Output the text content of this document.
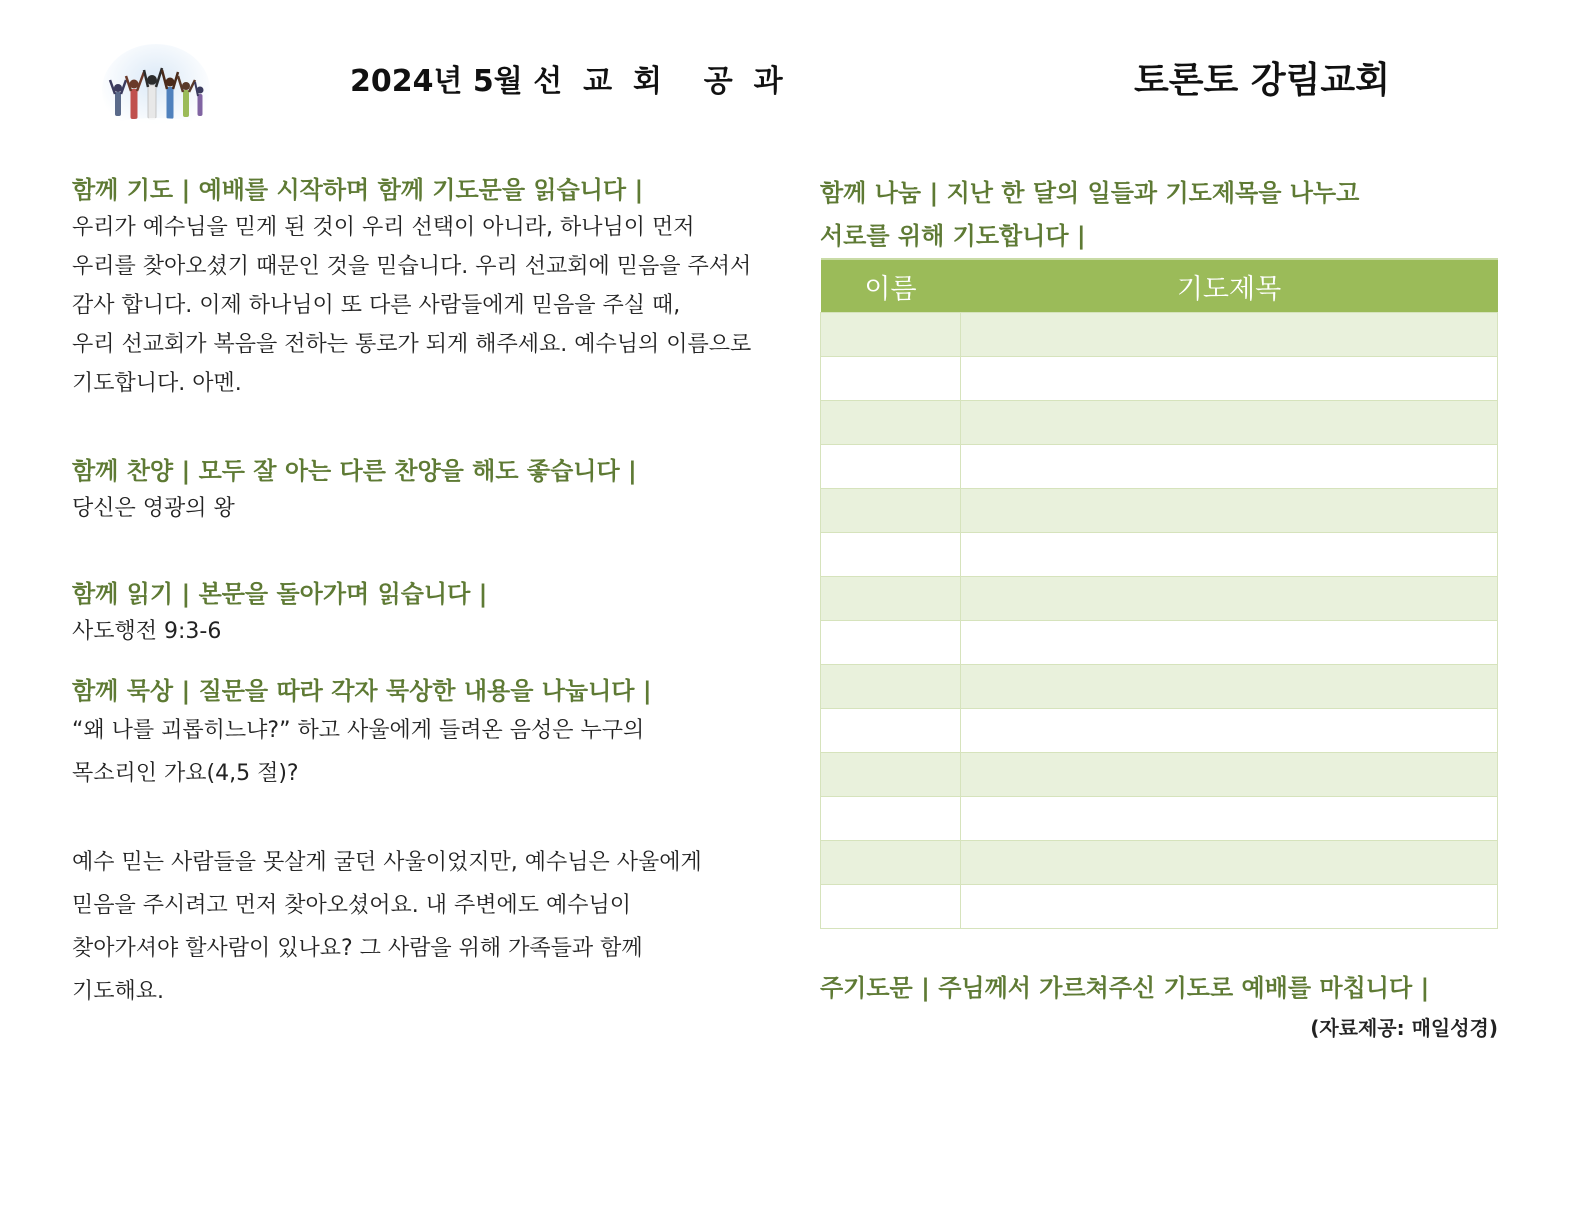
2024년 5월 선  교  회    공  과	토론토 강림교회

함께 기도 | 예배를 시작하며 함께 기도문을 읽습니다 |

우리가 예수님을 믿게 된 것이 우리 선택이 아니라, 하나님이 먼저

우리를 찾아오셨기 때문인 것을 믿습니다. 우리 선교회에 믿음을 주셔서

감사 합니다. 이제 하나님이 또 다른 사람들에게 믿음을 주실 때,

우리 선교회가 복음을 전하는 통로가 되게 해주세요. 예수님의 이름으로

기도합니다. 아멘.

함께 찬양 | 모두 잘 아는 다른 찬양을 해도 좋습니다 |

당신은 영광의 왕

함께 읽기 | 본문을 돌아가며 읽습니다 |

사도행전 9:3-6

함께 묵상 | 질문을 따라 각자 묵상한 내용을 나눕니다 |

“왜 나를 괴롭히느냐?” 하고 사울에게 들려온 음성은 누구의

목소리인 가요(4,5 절)?

예수 믿는 사람들을 못살게 굴던 사울이었지만, 예수님은 사울에게

믿음을 주시려고 먼저 찾아오셨어요. 내 주변에도 예수님이

찾아가셔야 할사람이 있나요? 그 사람을 위해 가족들과 함께

기도해요.

함께 나눔 | 지난 한 달의 일들과 기도제목을 나누고

서로를 위해 기도합니다 |

이름	기도제목

주기도문 | 주님께서 가르쳐주신 기도로 예배를 마칩니다 |
(자료제공: 매일성경)
